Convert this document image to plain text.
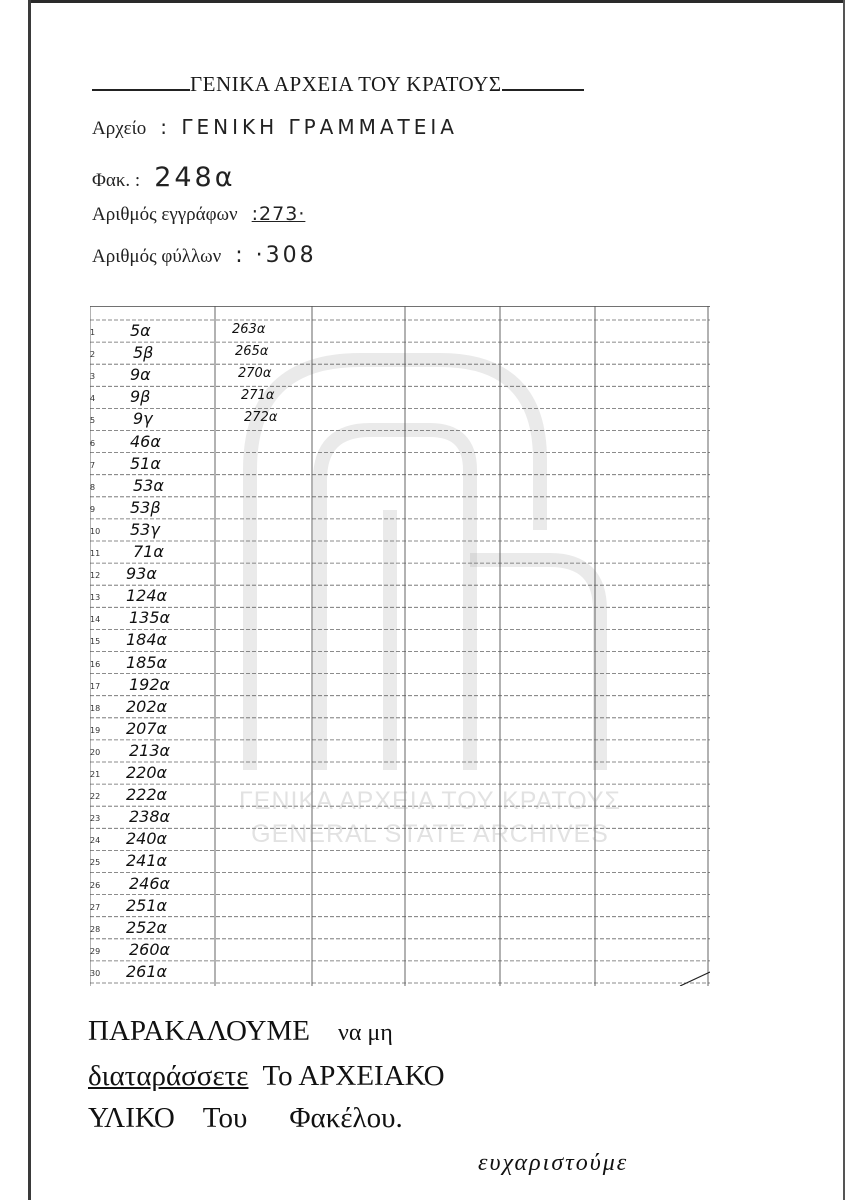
ΓΕΝΙΚΑ ΑΡΧΕΙΑ ΤΟΥ ΚΡΑΤΟΥΣ
Αρχείο : ΓΕΝΙΚΗ ΓΡΑΜΜΑΤΕΙΑ
Φακ. : 248α
Αριθμός εγγράφων :273·
Αριθμός φύλλων : ·308
1
2
3
4
5
6
7
8
9
10
11
12
13
14
15
16
17
18
19
20
21
22
23
24
25
26
27
28
29
30
5α
5β
9α
9β
9γ
46α
51α
53α
53β
53γ
71α
93α
124α
135α
184α
185α
192α
202α
207α
213α
220α
222α
238α
240α
241α
246α
251α
252α
260α
261α
263α
265α
270α
271α
272α
ΓΕΝΙΚΑ ΑΡΧΕΙΑ ΤΟΥ ΚΡΑΤΟΥΣ
GENERAL STATE ARCHIVES
ΠΑΡΑΚΑΛΟΥΜΕ να μη
διαταράσσετε Το ΑΡΧΕΙΑΚΟ
ΥΛΙΚΟ Του Φακέλου.
ευχαριστούμε
